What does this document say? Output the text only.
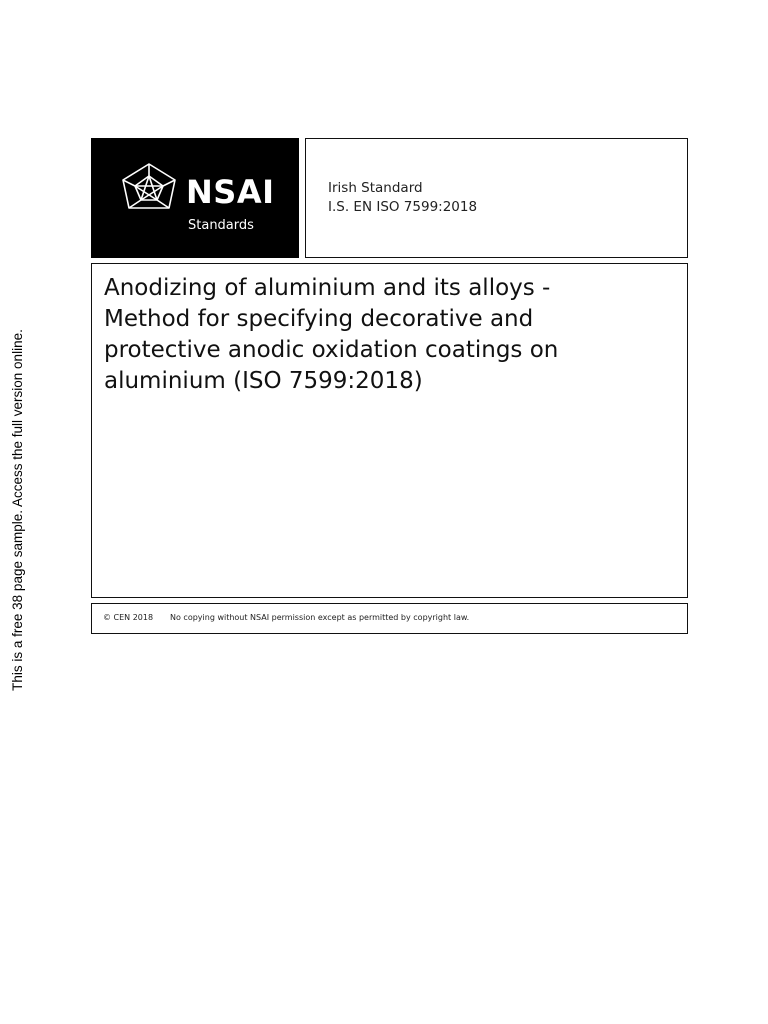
This is a free 38 page sample. Access the full version online.
NSAI
Standards
Irish Standard
I.S. EN ISO 7599:2018
Anodizing of aluminium and its alloys -
Method for specifying decorative and
protective anodic oxidation coatings on
aluminium (ISO 7599:2018)
© CEN 2018 No copying without NSAI permission except as permitted by copyright law.
